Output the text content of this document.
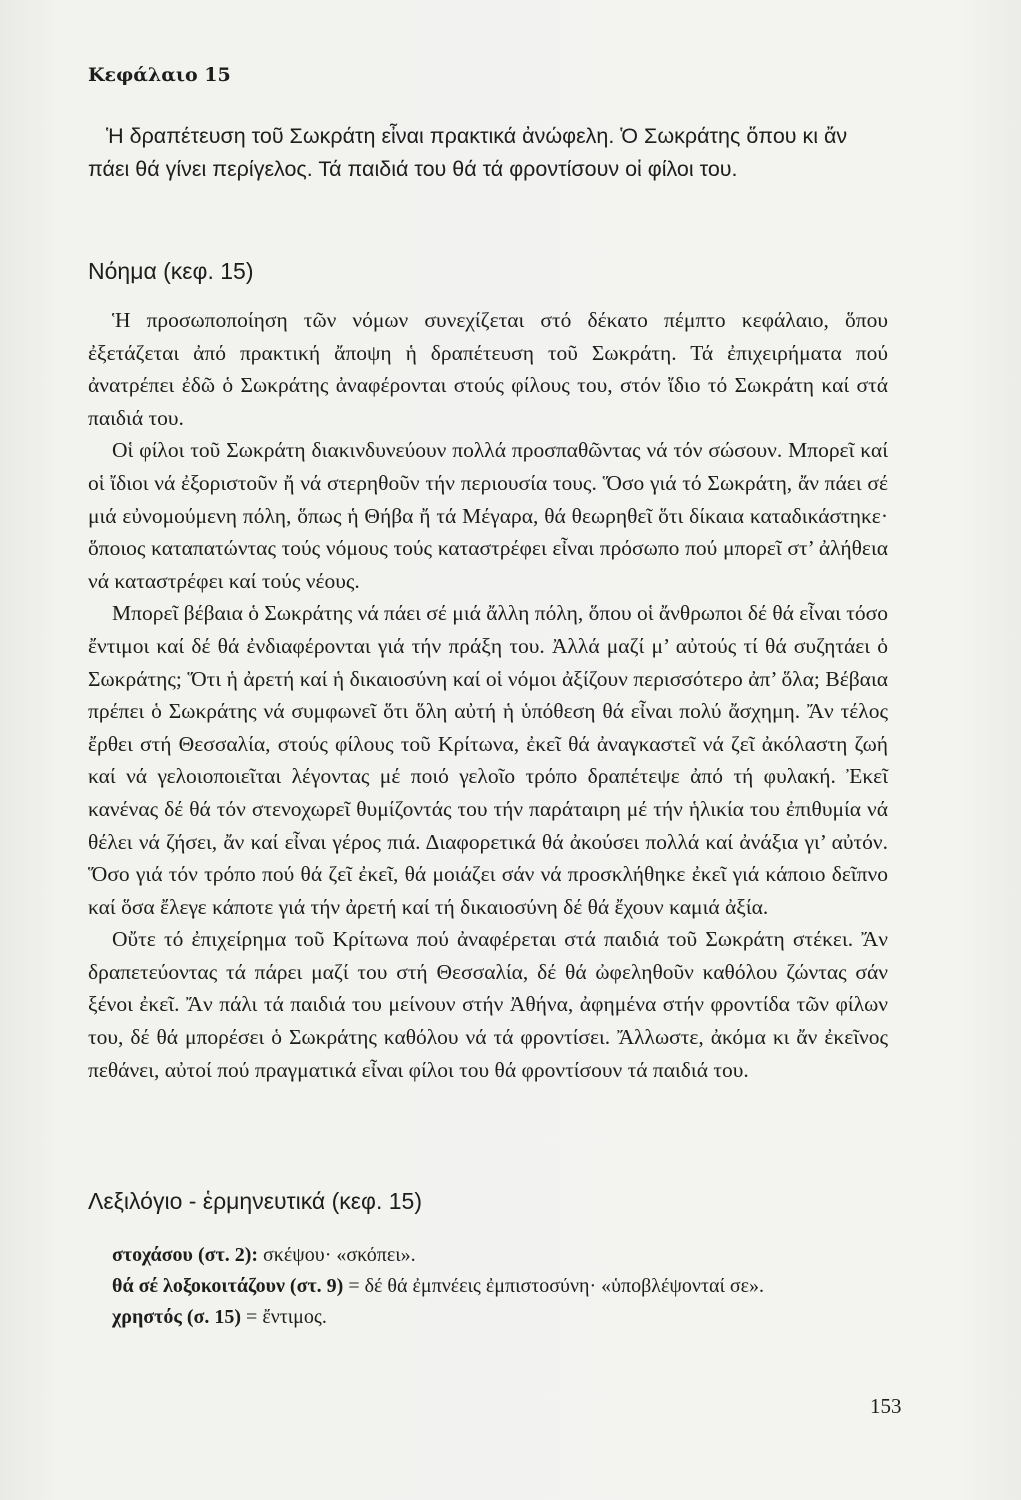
Κεφάλαιο 15

Ἡ δραπέτευση τοῦ Σωκράτη εἶναι πρακτικά ἀνώφελη. Ὁ Σωκράτης ὅπου κι ἄν πάει θά γίνει περίγελος. Τά παιδιά του θά τά φροντίσουν οἱ φίλοι του.

Νόημα (κεφ. 15)

Ἡ προσωποποίηση τῶν νόμων συνεχίζεται στό δέκατο πέμπτο κεφάλαιο, ὅπου ἐξετάζεται ἀπό πρακτική ἄποψη ἡ δραπέτευση τοῦ Σωκράτη. Τά ἐπιχειρήματα πού ἀνατρέπει ἐδῶ ὁ Σωκράτης ἀναφέρονται στούς φίλους του, στόν ἴδιο τό Σωκράτη καί στά παιδιά του.

Οἱ φίλοι τοῦ Σωκράτη διακινδυνεύουν πολλά προσπαθῶντας νά τόν σώσουν. Μπορεῖ καί οἱ ἴδιοι νά ἐξοριστοῦν ἤ νά στερηθοῦν τήν περιουσία τους. Ὅσο γιά τό Σωκράτη, ἄν πάει σέ μιά εὐνομούμενη πόλη, ὅπως ἡ Θήβα ἤ τά Μέγαρα, θά θεωρηθεῖ ὅτι δίκαια καταδικάστηκε· ὅποιος καταπατώντας τούς νόμους τούς καταστρέφει εἶναι πρόσωπο πού μπορεῖ στ’ ἀλήθεια νά καταστρέφει καί τούς νέους.

Μπορεῖ βέβαια ὁ Σωκράτης νά πάει σέ μιά ἄλλη πόλη, ὅπου οἱ ἄνθρωποι δέ θά εἶναι τόσο ἔντιμοι καί δέ θά ἐνδιαφέρονται γιά τήν πράξη του. Ἀλλά μαζί μ’ αὐτούς τί θά συζητάει ὁ Σωκράτης; Ὅτι ἡ ἀρετή καί ἡ δικαιοσύνη καί οἱ νόμοι ἀξίζουν περισσότερο ἀπ’ ὅλα; Βέβαια πρέπει ὁ Σωκράτης νά συμφωνεῖ ὅτι ὅλη αὐτή ἡ ὑπόθεση θά εἶναι πολύ ἄσχημη. Ἄν τέλος ἔρθει στή Θεσσαλία, στούς φίλους τοῦ Κρίτωνα, ἐκεῖ θά ἀναγκαστεῖ νά ζεῖ ἀκόλαστη ζωή καί νά γελοιοποιεῖται λέγοντας μέ ποιό γελοῖο τρόπο δραπέτεψε ἀπό τή φυλακή. Ἐκεῖ κανένας δέ θά τόν στενοχωρεῖ θυμίζοντάς του τήν παράταιρη μέ τήν ἡλικία του ἐπιθυμία νά θέλει νά ζήσει, ἄν καί εἶναι γέρος πιά. Διαφορετικά θά ἀκούσει πολλά καί ἀνάξια γι’ αὐτόν. Ὅσο γιά τόν τρόπο πού θά ζεῖ ἐκεῖ, θά μοιάζει σάν νά προσκλήθηκε ἐκεῖ γιά κάποιο δεῖπνο καί ὅσα ἔλεγε κάποτε γιά τήν ἀρετή καί τή δικαιοσύνη δέ θά ἔχουν καμιά ἀξία.

Οὔτε τό ἐπιχείρημα τοῦ Κρίτωνα πού ἀναφέρεται στά παιδιά τοῦ Σωκράτη στέκει. Ἄν δραπετεύοντας τά πάρει μαζί του στή Θεσσαλία, δέ θά ὠφεληθοῦν καθόλου ζώντας σάν ξένοι ἐκεῖ. Ἄν πάλι τά παιδιά του μείνουν στήν Ἀθήνα, ἀφημένα στήν φροντίδα τῶν φίλων του, δέ θά μπορέσει ὁ Σωκράτης καθόλου νά τά φροντίσει. Ἄλλωστε, ἀκόμα κι ἄν ἐκεῖνος πεθάνει, αὐτοί πού πραγματικά εἶναι φίλοι του θά φροντίσουν τά παιδιά του.

Λεξιλόγιο - ἑρμηνευτικά (κεφ. 15)

στοχάσου (στ. 2): σκέψου· «σκόπει».

θά σέ λοξοκοιτάζουν (στ. 9) = δέ θά ἐμπνέεις ἐμπιστοσύνη· «ὑποβλέψονταί σε».

χρηστός (σ. 15) = ἔντιμος.

153
